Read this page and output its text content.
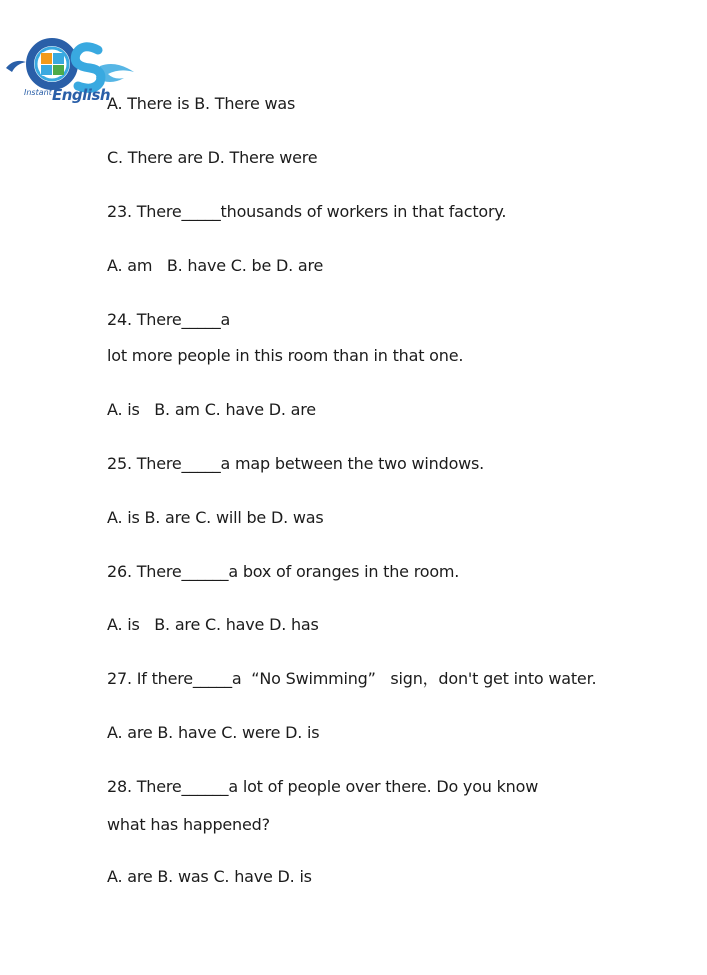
Instant English
A. There is B. There was
C. There are D. There were
23. There_____thousands of workers in that factory.
A. am   B. have C. be D. are
24. There_____a
lot more people in this room than in that one.
A. is   B. am C. have D. are
25. There_____a map between the two windows.
A. is B. are C. will be D. was
26. There______a box of oranges in the room.
A. is   B. are C. have D. has
27. If there_____a  “No Swimming”   sign，don't get into water.
A. are B. have C. were D. is
28. There______a lot of people over there. Do you know
what has happened?
A. are B. was C. have D. is
